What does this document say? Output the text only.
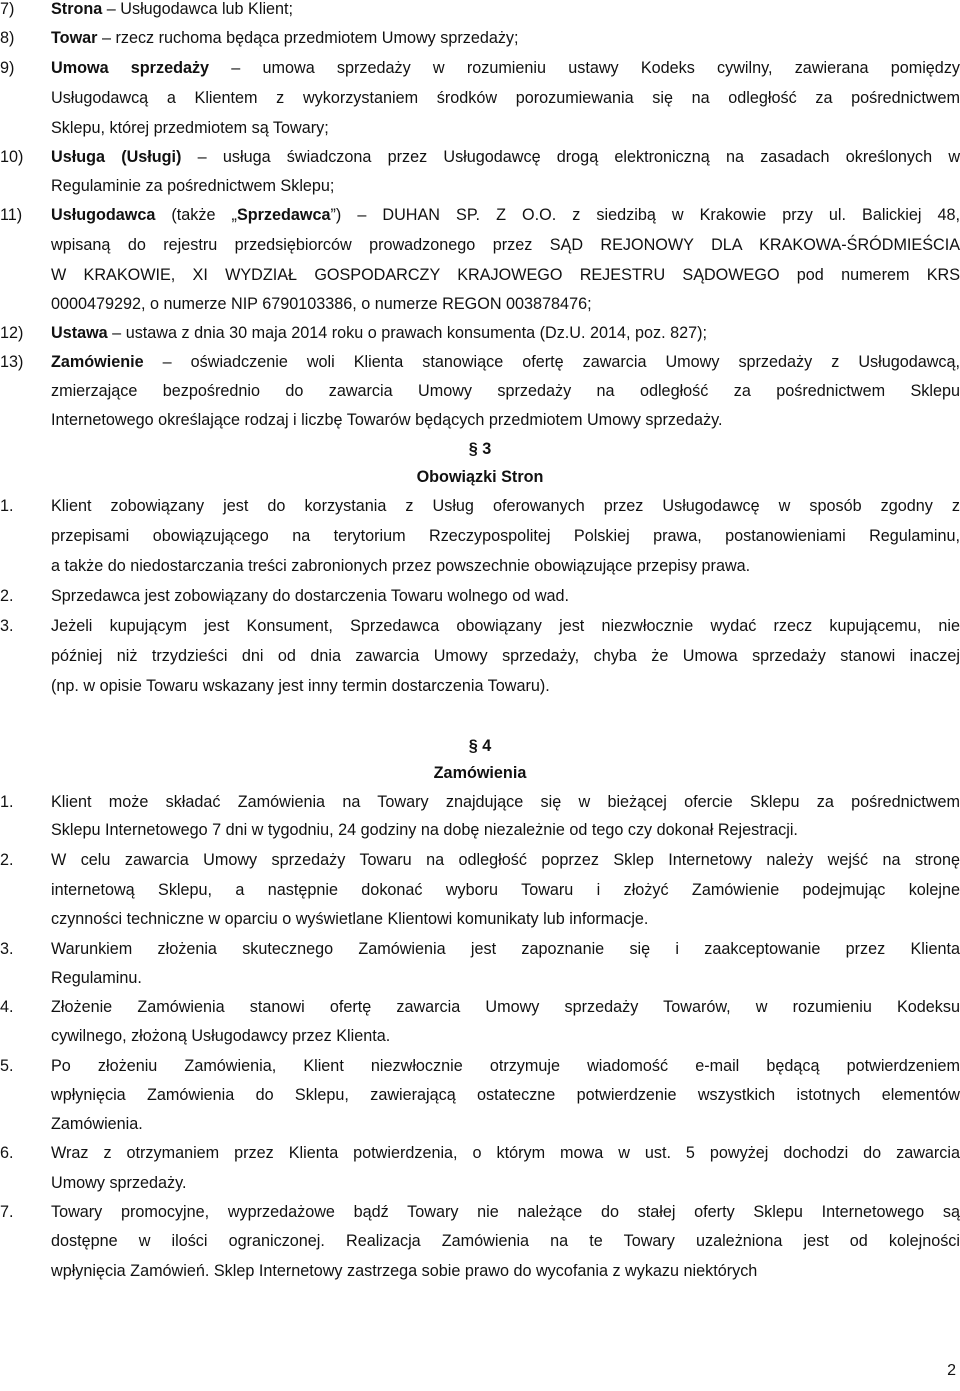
7) Strona – Usługodawca lub Klient;
8) Towar – rzecz ruchoma będąca przedmiotem Umowy sprzedaży;
9) Umowa sprzedaży – umowa sprzedaży w rozumieniu ustawy Kodeks cywilny, zawierana pomiędzy
Usługodawcą a Klientem z wykorzystaniem środków porozumiewania się na odległość za pośrednictwem
Sklepu, której przedmiotem są Towary;
10) Usługa (Usługi) – usługa świadczona przez Usługodawcę drogą elektroniczną na zasadach określonych w
Regulaminie za pośrednictwem Sklepu;
11) Usługodawca (także „Sprzedawca”) – DUHAN SP. Z O.O. z siedzibą w Krakowie przy ul. Balickiej 48,
wpisaną do rejestru przedsiębiorców prowadzonego przez SĄD REJONOWY DLA KRAKOWA-ŚRÓDMIEŚCIA
W KRAKOWIE, XI WYDZIAŁ GOSPODARCZY KRAJOWEGO REJESTRU SĄDOWEGO pod numerem KRS
0000479292, o numerze NIP 6790103386, o numerze REGON 003878476;
12) Ustawa – ustawa z dnia 30 maja 2014 roku o prawach konsumenta (Dz.U. 2014, poz. 827);
13) Zamówienie – oświadczenie woli Klienta stanowiące ofertę zawarcia Umowy sprzedaży z Usługodawcą,
zmierzające bezpośrednio do zawarcia Umowy sprzedaży na odległość za pośrednictwem Sklepu
Internetowego określające rodzaj i liczbę Towarów będących przedmiotem Umowy sprzedaży.
§ 3
Obowiązki Stron
1. Klient zobowiązany jest do korzystania z Usług oferowanych przez Usługodawcę w sposób zgodny z
przepisami obowiązującego na terytorium Rzeczypospolitej Polskiej prawa, postanowieniami Regulaminu,
a także do niedostarczania treści zabronionych przez powszechnie obowiązujące przepisy prawa.
2. Sprzedawca jest zobowiązany do dostarczenia Towaru wolnego od wad.
3. Jeżeli kupującym jest Konsument, Sprzedawca obowiązany jest niezwłocznie wydać rzecz kupującemu, nie
później niż trzydzieści dni od dnia zawarcia Umowy sprzedaży, chyba że Umowa sprzedaży stanowi inaczej
(np. w opisie Towaru wskazany jest inny termin dostarczenia Towaru).
§ 4
Zamówienia
1. Klient może składać Zamówienia na Towary znajdujące się w bieżącej ofercie Sklepu za pośrednictwem
Sklepu Internetowego 7 dni w tygodniu, 24 godziny na dobę niezależnie od tego czy dokonał Rejestracji.
2. W celu zawarcia Umowy sprzedaży Towaru na odległość poprzez Sklep Internetowy należy wejść na stronę
internetową Sklepu, a następnie dokonać wyboru Towaru i złożyć Zamówienie podejmując kolejne
czynności techniczne w oparciu o wyświetlane Klientowi komunikaty lub informacje.
3. Warunkiem złożenia skutecznego Zamówienia jest zapoznanie się i zaakceptowanie przez Klienta
Regulaminu.
4. Złożenie Zamówienia stanowi ofertę zawarcia Umowy sprzedaży Towarów, w rozumieniu Kodeksu
cywilnego, złożoną Usługodawcy przez Klienta.
5. Po złożeniu Zamówienia, Klient niezwłocznie otrzymuje wiadomość e-mail będącą potwierdzeniem
wpłynięcia Zamówienia do Sklepu, zawierającą ostateczne potwierdzenie wszystkich istotnych elementów
Zamówienia.
6. Wraz z otrzymaniem przez Klienta potwierdzenia, o którym mowa w ust. 5 powyżej dochodzi do zawarcia
Umowy sprzedaży.
7. Towary promocyjne, wyprzedażowe bądź Towary nie należące do stałej oferty Sklepu Internetowego są
dostępne w ilości ograniczonej. Realizacja Zamówienia na te Towary uzależniona jest od kolejności
wpłynięcia Zamówień. Sklep Internetowy zastrzega sobie prawo do wycofania z wykazu niektórych
2
